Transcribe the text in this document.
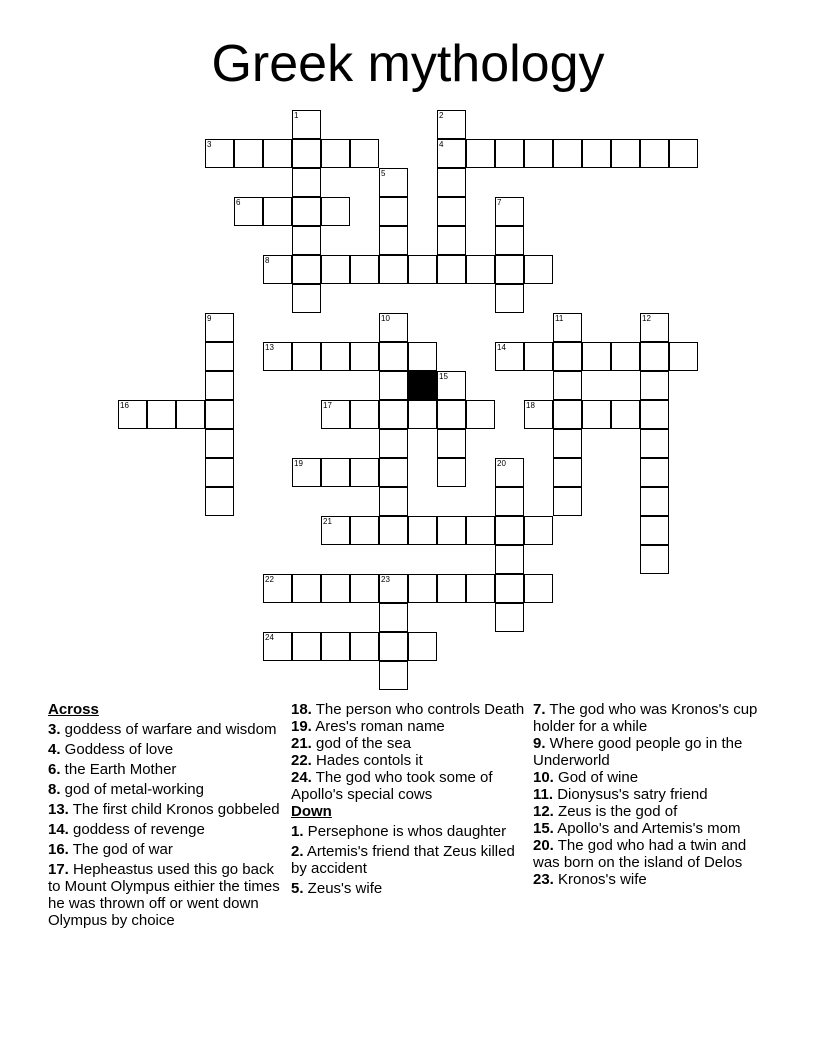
Greek mythology
1	2
3	4
5
6	7
8
9	10	11	12
13	14
15
16	17	18
19	20
21
22	23
24
Across
3. goddess of warfare and wisdom
4. Goddess of love
6. the Earth Mother
8. god of metal-working
13. The first child Kronos gobbeled
14. goddess of revenge
16. The god of war
17. Hepheastus used this go back to Mount Olympus eithier the times he was thrown off or went down Olympus by choice
18. The person who controls Death
19. Ares's roman name
21. god of the sea
22. Hades contols it
24. The god who took some of Apollo's special cows
Down
1. Persephone is whos daughter
2. Artemis's friend that Zeus killed by accident
5. Zeus's wife
7. The god who was Kronos's cup holder for a while
9. Where good people go in the Underworld
10. God of wine
11. Dionysus's satry friend
12. Zeus is the god of
15. Apollo's and Artemis's mom
20. The god who had a twin and was born on the island of Delos
23. Kronos's wife
